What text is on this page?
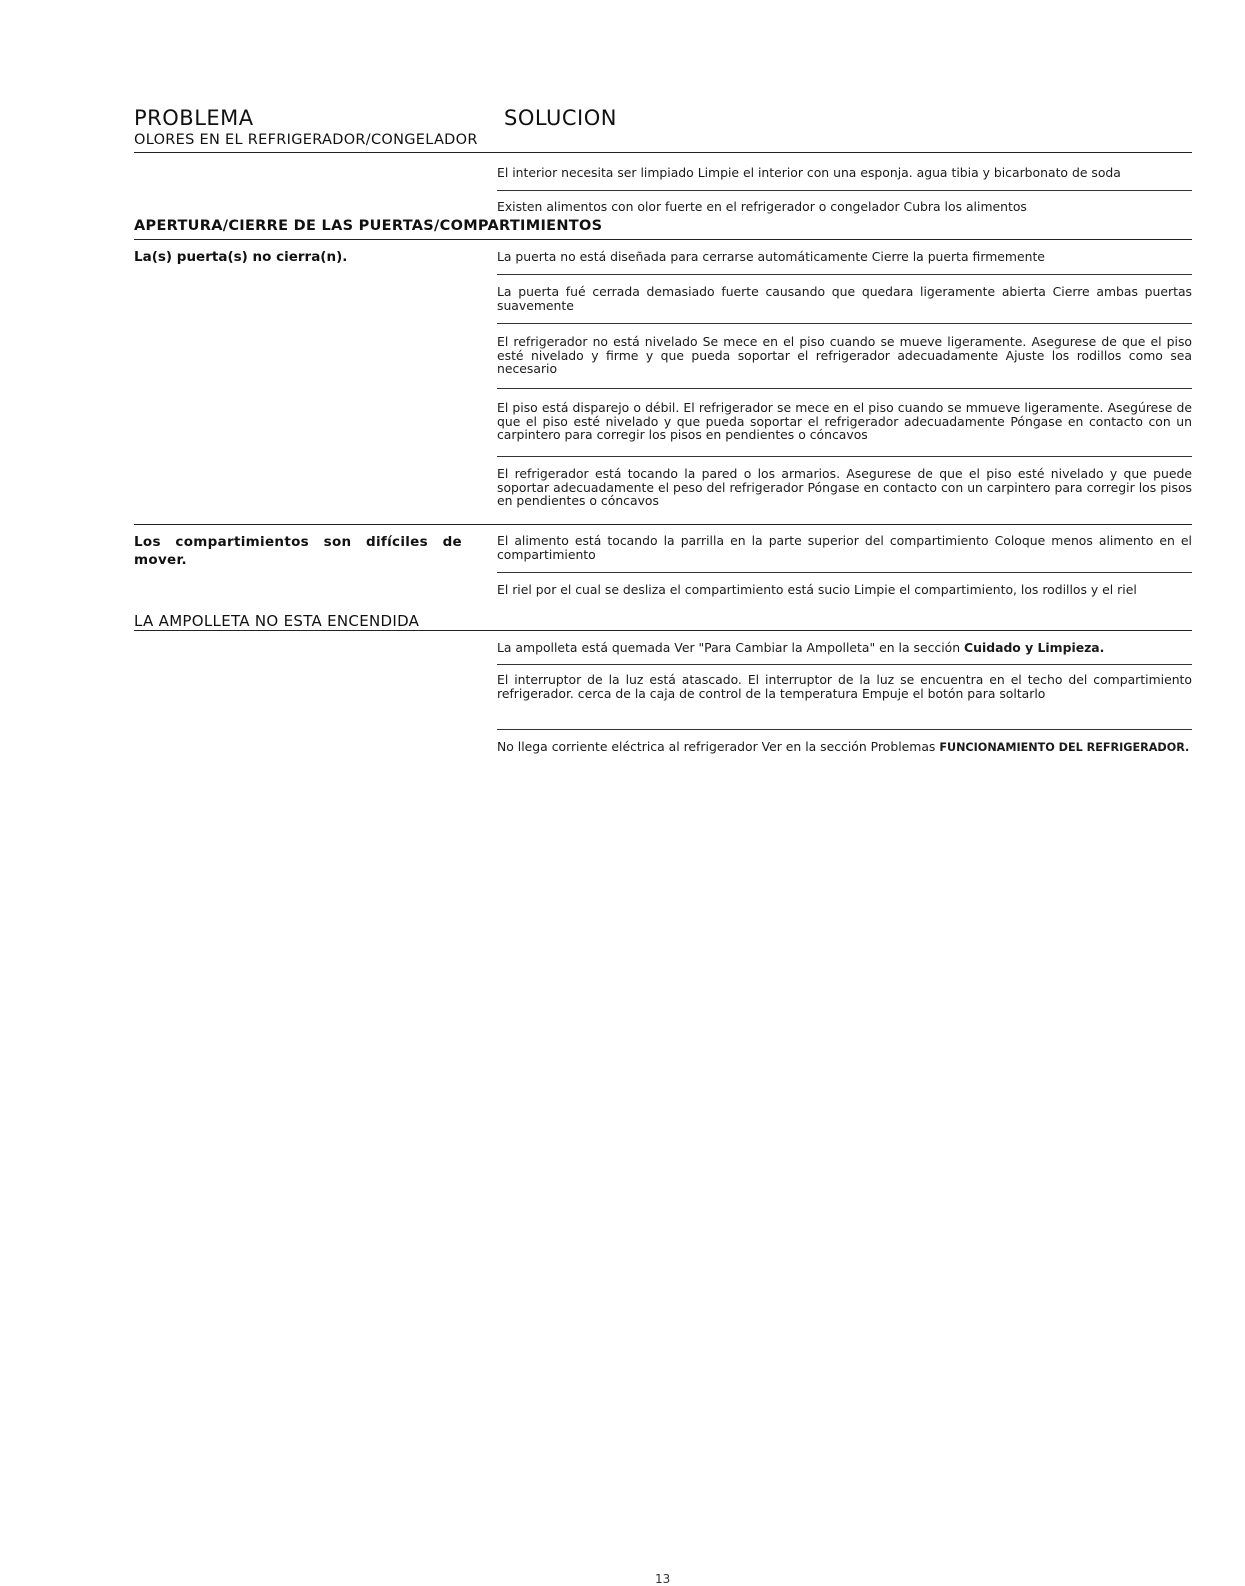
PROBLEMA	SOLUCION
OLORES EN EL REFRIGERADOR/CONGELADOR
El interior necesita ser limpiado Limpie el interior con una esponja. agua tibia y bicarbonato de soda
Existen alimentos con olor fuerte en el refrigerador o congelador Cubra los alimentos
APERTURA/CIERRE DE LAS PUERTAS/COMPARTIMIENTOS
La(s) puerta(s) no cierra(n).	La puerta no está diseñada para cerrarse automáticamente Cierre la puerta firmemente
La puerta fué cerrada demasiado fuerte causando que quedara ligeramente abierta Cierre ambas puertas suavemente
El refrigerador no está nivelado Se mece en el piso cuando se mueve ligeramente. Asegurese de que el piso esté nivelado y firme y que pueda soportar el refrigerador adecuadamente Ajuste los rodillos como sea necesario
El piso está disparejo o débil. El refrigerador se mece en el piso cuando se mmueve ligeramente. Asegúrese de que el piso esté nivelado y que pueda soportar el refrigerador adecuadamente Póngase en contacto con un carpintero para corregir los pisos en pendientes o cóncavos
El refrigerador está tocando la pared o los armarios. Asegurese de que el piso esté nivelado y que puede soportar adecuadamente el peso del refrigerador Póngase en contacto con un carpintero para corregir los pisos en pendientes o cóncavos
Los compartimientos son difíciles de mover.
El alimento está tocando la parrilla en la parte superior del compartimiento Coloque menos alimento en el compartimiento
El riel por el cual se desliza el compartimiento está sucio Limpie el compartimiento, los rodillos y el riel
LA AMPOLLETA NO ESTA ENCENDIDA
La ampolleta está quemada Ver "Para Cambiar la Ampolleta" en la sección Cuidado y Limpieza.
El interruptor de la luz está atascado. El interruptor de la luz se encuentra en el techo del compartimiento refrigerador. cerca de la caja de control de la temperatura Empuje el botón para soltarlo
No llega corriente eléctrica al refrigerador Ver en la sección Problemas FUNCIONAMIENTO DEL REFRIGERADOR.
13
